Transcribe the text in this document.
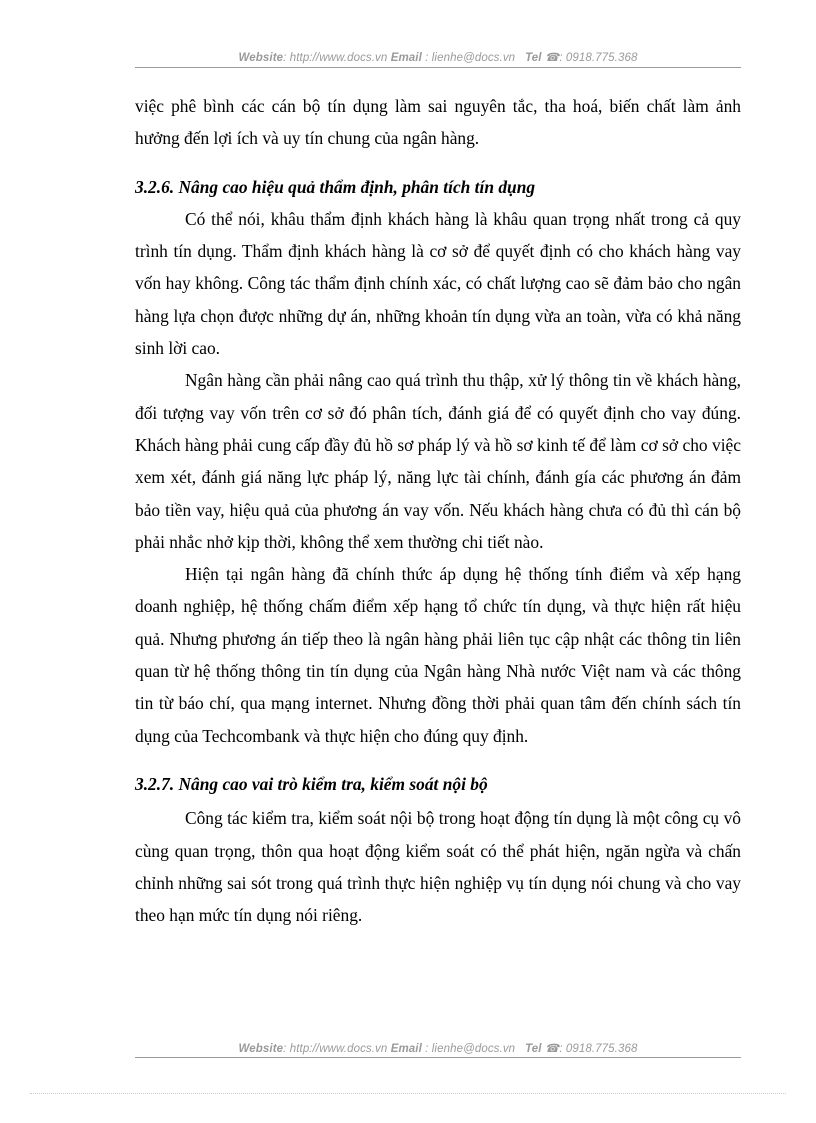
Website: http://www.docs.vn Email : lienhe@docs.vn Tel ☎: 0918.775.368

việc phê bình các cán bộ tín dụng làm sai nguyên tắc, tha hoá, biến chất làm ảnh hưởng đến lợi ích và uy tín chung của ngân hàng.

3.2.6. Nâng cao hiệu quả thẩm định, phân tích tín dụng

Có thể nói, khâu thẩm định khách hàng là khâu quan trọng nhất trong cả quy trình tín dụng. Thẩm định khách hàng là cơ sở để quyết định có cho khách hàng vay vốn hay không. Công tác thẩm định chính xác, có chất lượng cao sẽ đảm bảo cho ngân hàng lựa chọn được những dự án, những khoản tín dụng vừa an toàn, vừa có khả năng sinh lời cao.

Ngân hàng cần phải nâng cao quá trình thu thập, xử lý thông tin về khách hàng, đối tượng vay vốn trên cơ sở đó phân tích, đánh giá để có quyết định cho vay đúng. Khách hàng phải cung cấp đầy đủ hồ sơ pháp lý và hồ sơ kinh tế để làm cơ sở cho việc xem xét, đánh giá năng lực pháp lý, năng lực tài chính, đánh gía các phương án đảm bảo tiền vay, hiệu quả của phương án vay vốn. Nếu khách hàng chưa có đủ thì cán bộ phải nhắc nhở kịp thời, không thể xem thường chi tiết nào.

Hiện tại ngân hàng đã chính thức áp dụng hệ thống tính điểm và xếp hạng doanh nghiệp, hệ thống chấm điểm xếp hạng tổ chức tín dụng, và thực hiện rất hiệu quả. Nhưng phương án tiếp theo là ngân hàng phải liên tục cập nhật các thông tin liên quan từ hệ thống thông tin tín dụng của Ngân hàng Nhà nước Việt nam và các thông tin từ báo chí, qua mạng internet. Nhưng đồng thời phải quan tâm đến chính sách tín dụng của Techcombank và thực hiện cho đúng quy định.

3.2.7. Nâng cao vai trò kiểm tra, kiểm soát nội bộ

Công tác kiểm tra, kiểm soát nội bộ trong hoạt động tín dụng là một công cụ vô cùng quan trọng, thôn qua hoạt động kiểm soát có thể phát hiện, ngăn ngừa và chấn chỉnh những sai sót trong quá trình thực hiện nghiệp vụ tín dụng nói chung và cho vay theo hạn mức tín dụng nói riêng.

Website: http://www.docs.vn Email : lienhe@docs.vn Tel ☎: 0918.775.368
